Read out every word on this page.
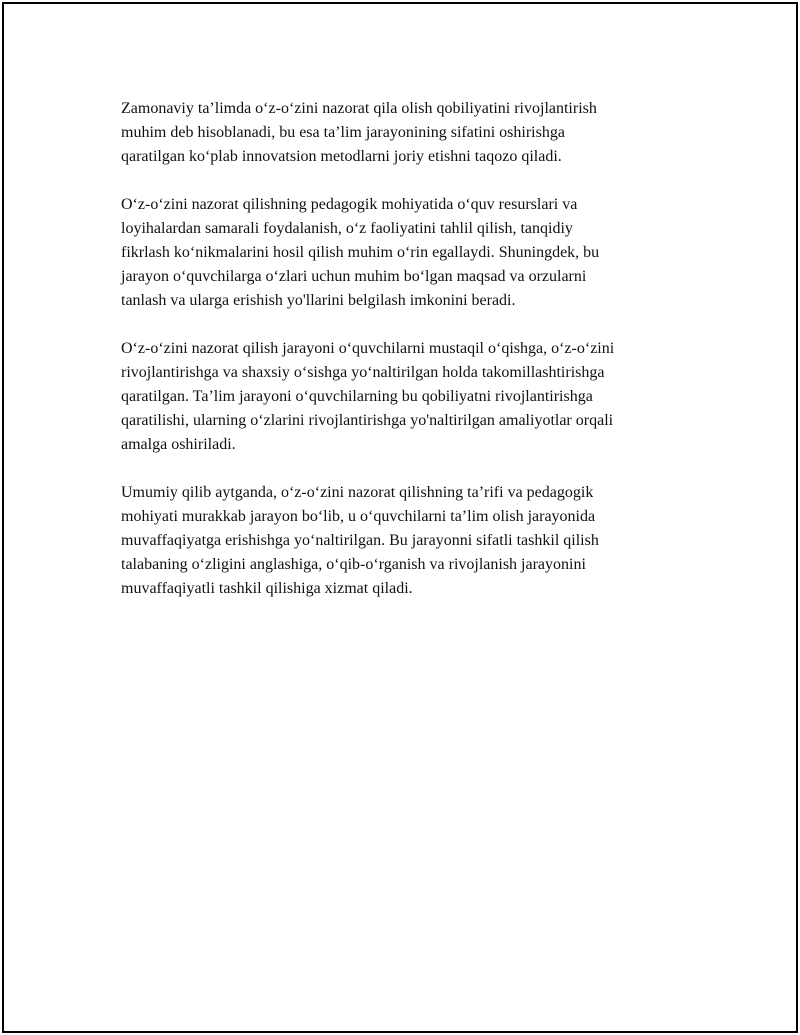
Zamonaviy ta’limda o‘z-o‘zini nazorat qila olish qobiliyatini rivojlantirish
muhim deb hisoblanadi, bu esa ta’lim jarayonining sifatini oshirishga
qaratilgan ko‘plab innovatsion metodlarni joriy etishni taqozo qiladi.

O‘z-o‘zini nazorat qilishning pedagogik mohiyatida o‘quv resurslari va
loyihalardan samarali foydalanish, o‘z faoliyatini tahlil qilish, tanqidiy
fikrlash ko‘nikmalarini hosil qilish muhim o‘rin egallaydi. Shuningdek, bu
jarayon o‘quvchilarga o‘zlari uchun muhim bo‘lgan maqsad va orzularni
tanlash va ularga erishish yo'llarini belgilash imkonini beradi.

O‘z-o‘zini nazorat qilish jarayoni o‘quvchilarni mustaqil o‘qishga, o‘z-o‘zini
rivojlantirishga va shaxsiy o‘sishga yo‘naltirilgan holda takomillashtirishga
qaratilgan. Ta’lim jarayoni o‘quvchilarning bu qobiliyatni rivojlantirishga
qaratilishi, ularning o‘zlarini rivojlantirishga yo'naltirilgan amaliyotlar orqali
amalga oshiriladi.

Umumiy qilib aytganda, o‘z-o‘zini nazorat qilishning ta’rifi va pedagogik
mohiyati murakkab jarayon bo‘lib, u o‘quvchilarni ta’lim olish jarayonida
muvaffaqiyatga erishishga yo‘naltirilgan. Bu jarayonni sifatli tashkil qilish
talabaning o‘zligini anglashiga, o‘qib-o‘rganish va rivojlanish jarayonini
muvaffaqiyatli tashkil qilishiga xizmat qiladi.
